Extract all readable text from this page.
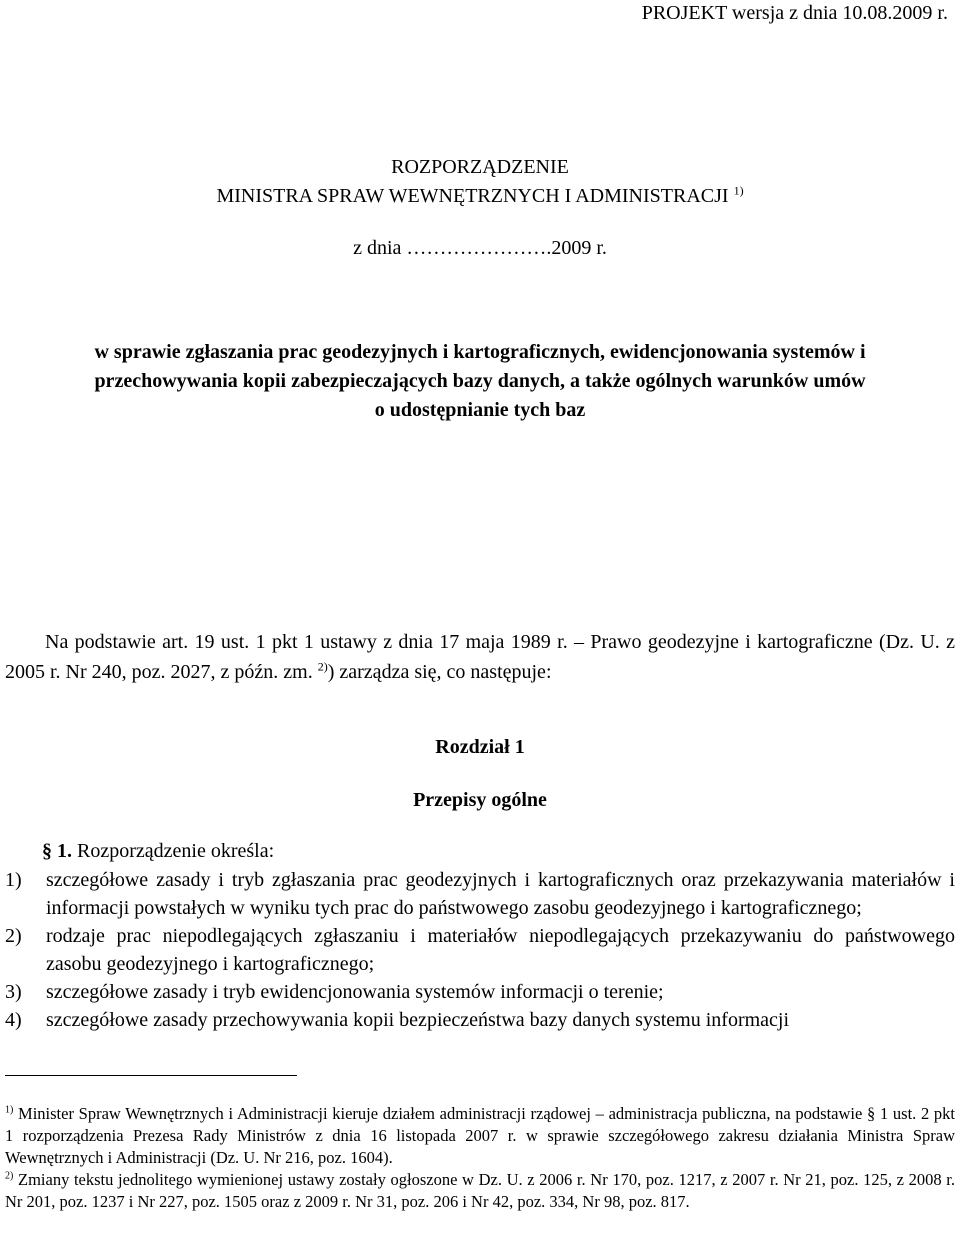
PROJEKT wersja z dnia 10.08.2009 r.
ROZPORZĄDZENIE
MINISTRA SPRAW WEWNĘTRZNYCH I ADMINISTRACJI $^{1)}$
z dnia ………………….2009 r.
w sprawie zgłaszania prac geodezyjnych i kartograficznych, ewidencjonowania systemów i
przechowywania kopii zabezpieczających bazy danych, a także ogólnych warunków umów
o udostępnianie tych baz
Na podstawie art. 19 ust. 1 pkt 1 ustawy z dnia 17 maja 1989 r. – Prawo geodezyjne i kartograficzne (Dz. U. z 2005 r. Nr 240, poz. 2027, z późn. zm. $^{2)}$) zarządza się, co następuje:
Rozdział 1
Przepisy ogólne
§ 1. Rozporządzenie określa:
1)	szczegółowe zasady i tryb zgłaszania prac geodezyjnych i kartograficznych oraz przekazywania materiałów i informacji powstałych w wyniku tych prac do państwowego zasobu geodezyjnego i kartograficznego;
2)	rodzaje prac niepodlegających zgłaszaniu i materiałów niepodlegających przekazywaniu do państwowego zasobu geodezyjnego i kartograficznego;
3)	szczegółowe zasady i tryb ewidencjonowania systemów informacji o terenie;
4)	szczegółowe zasady przechowywania kopii bezpieczeństwa bazy danych systemu informacji

$^{1)}$ Minister Spraw Wewnętrznych i Administracji kieruje działem administracji rządowej – administracja publiczna, na podstawie § 1 ust. 2 pkt 1 rozporządzenia Prezesa Rady Ministrów z dnia 16 listopada 2007 r. w sprawie szczegółowego zakresu działania Ministra Spraw Wewnętrznych i Administracji (Dz. U. Nr 216, poz. 1604).

$^{2)}$ Zmiany tekstu jednolitego wymienionej ustawy zostały ogłoszone w Dz. U. z 2006 r. Nr 170, poz. 1217, z 2007 r. Nr 21, poz. 125, z 2008 r. Nr 201, poz. 1237 i Nr 227, poz. 1505 oraz z 2009 r. Nr 31, poz. 206 i Nr 42, poz. 334, Nr 98, poz. 817.
